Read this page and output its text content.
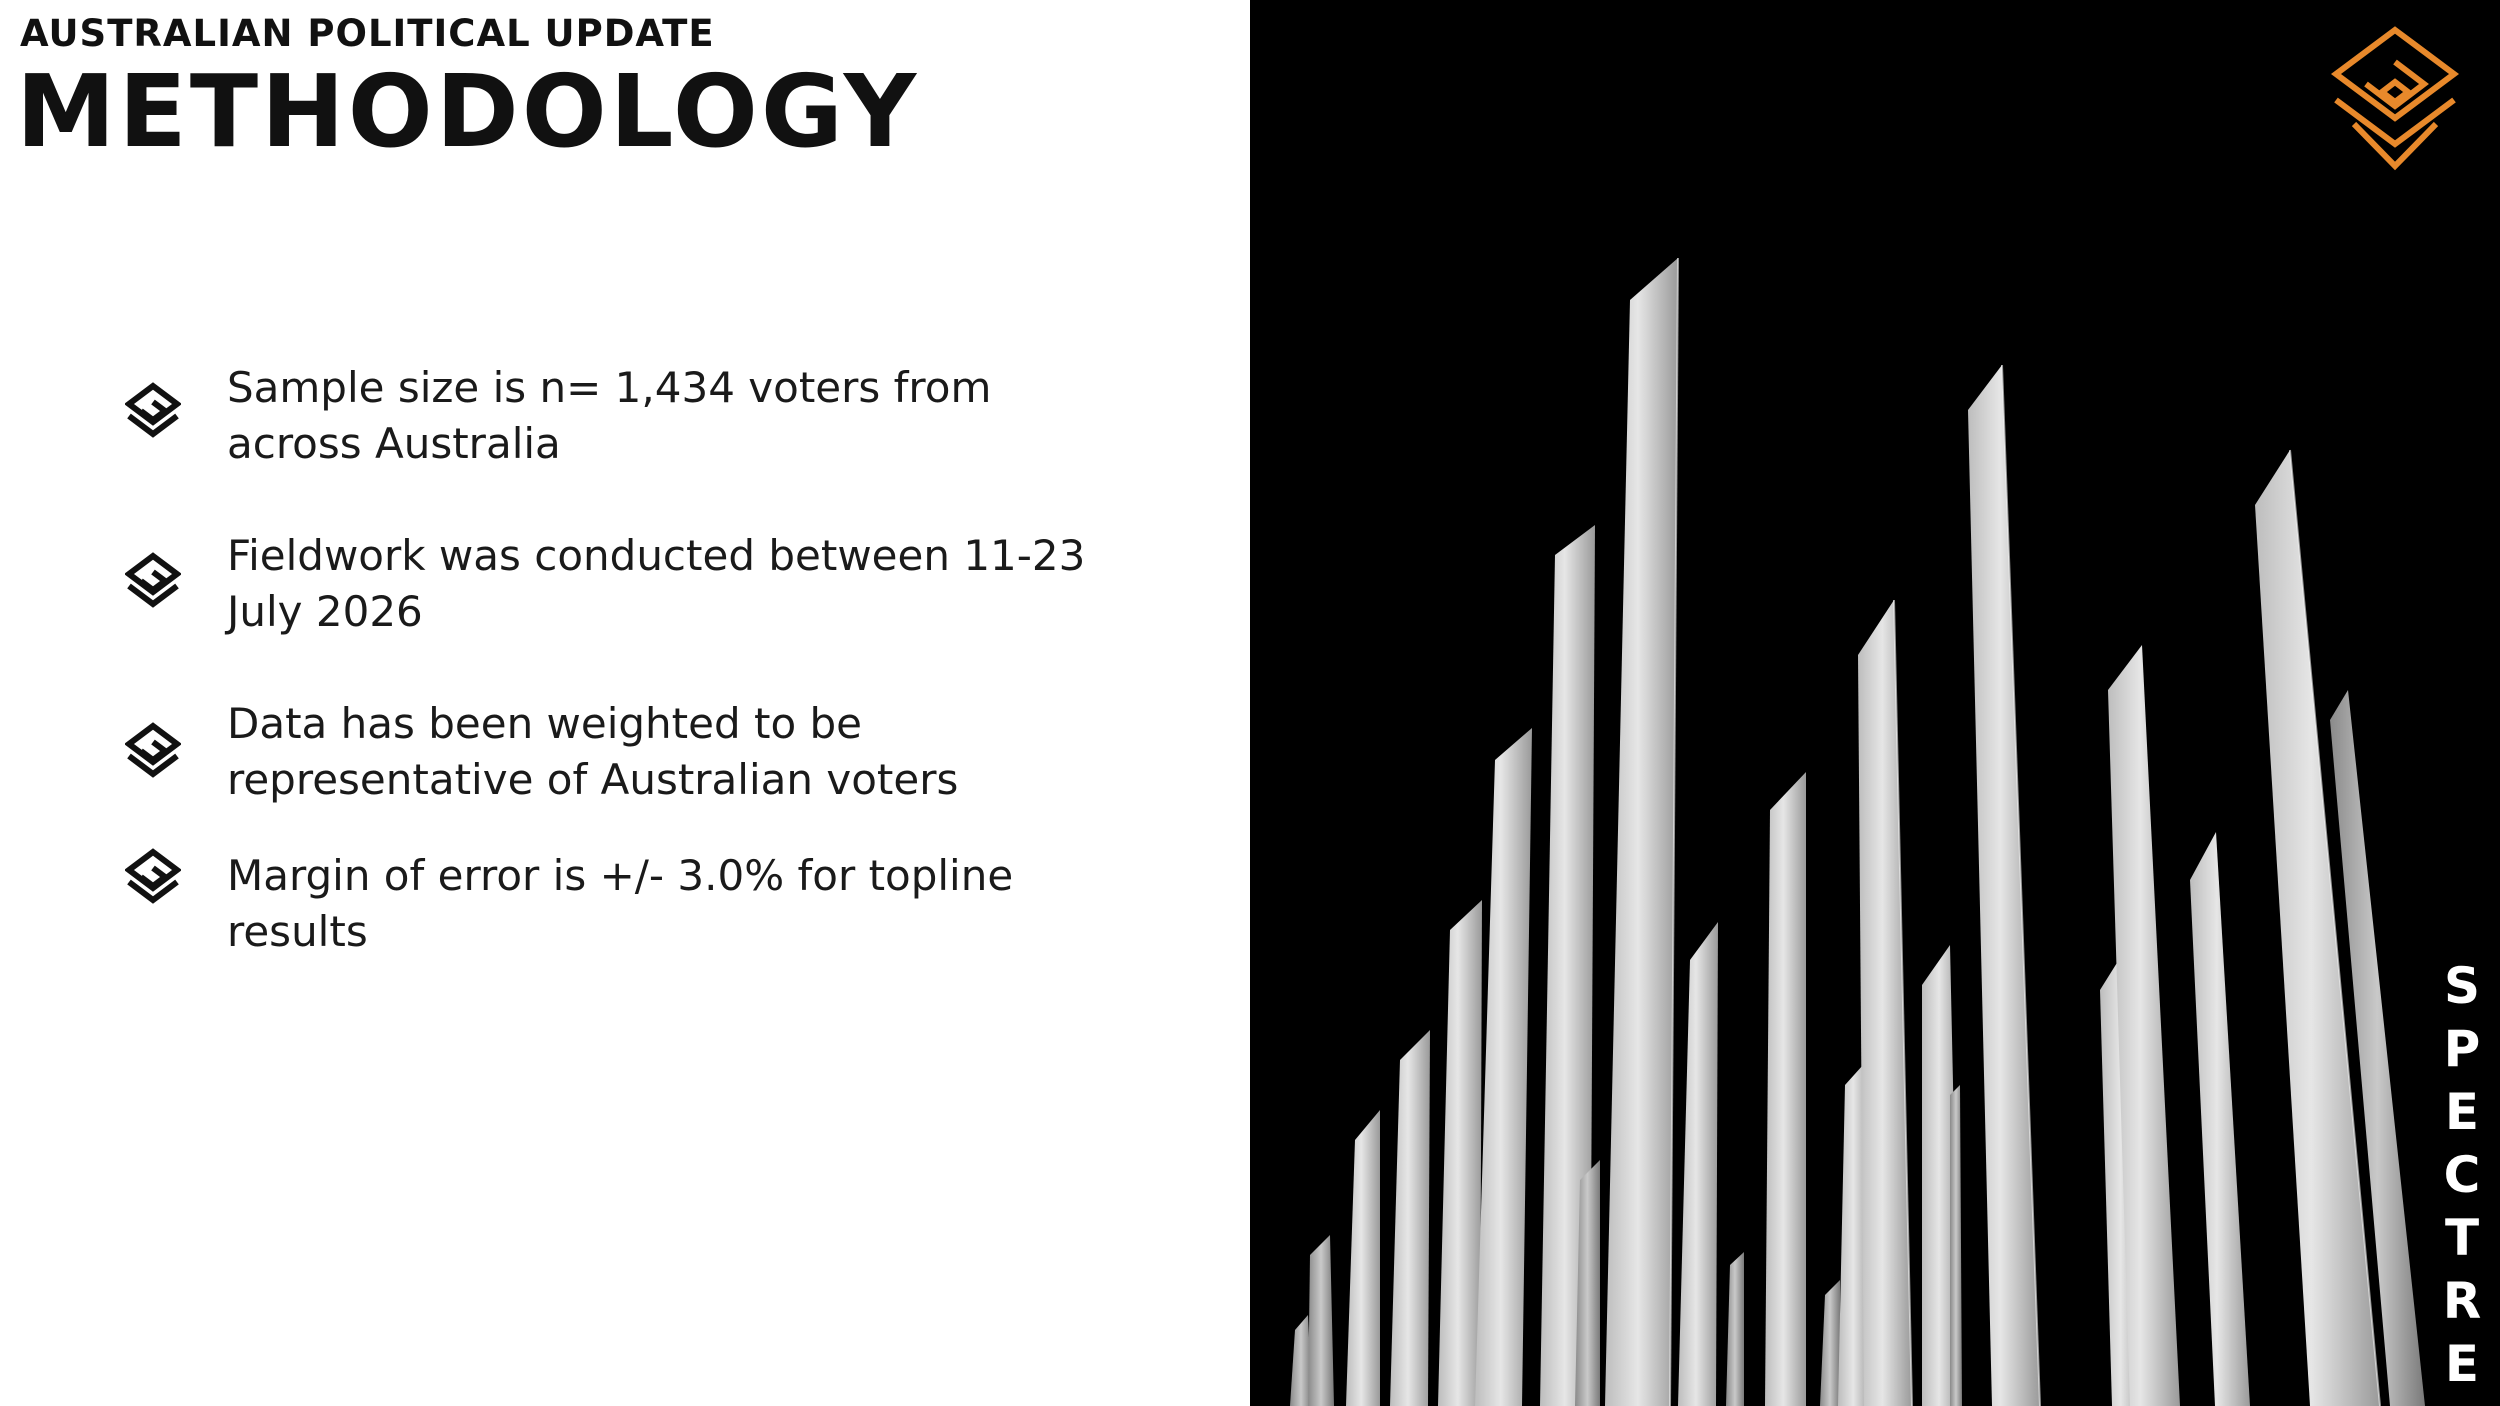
AUSTRALIAN POLITICAL UPDATE
METHODOLOGY
Sample size is n= 1,434 voters from across Australia
Fieldwork was conducted between 11-23 July 2026
Data has been weighted to be representative of Australian voters
Margin of error is +/- 3.0% for topline results
SPECTRE
